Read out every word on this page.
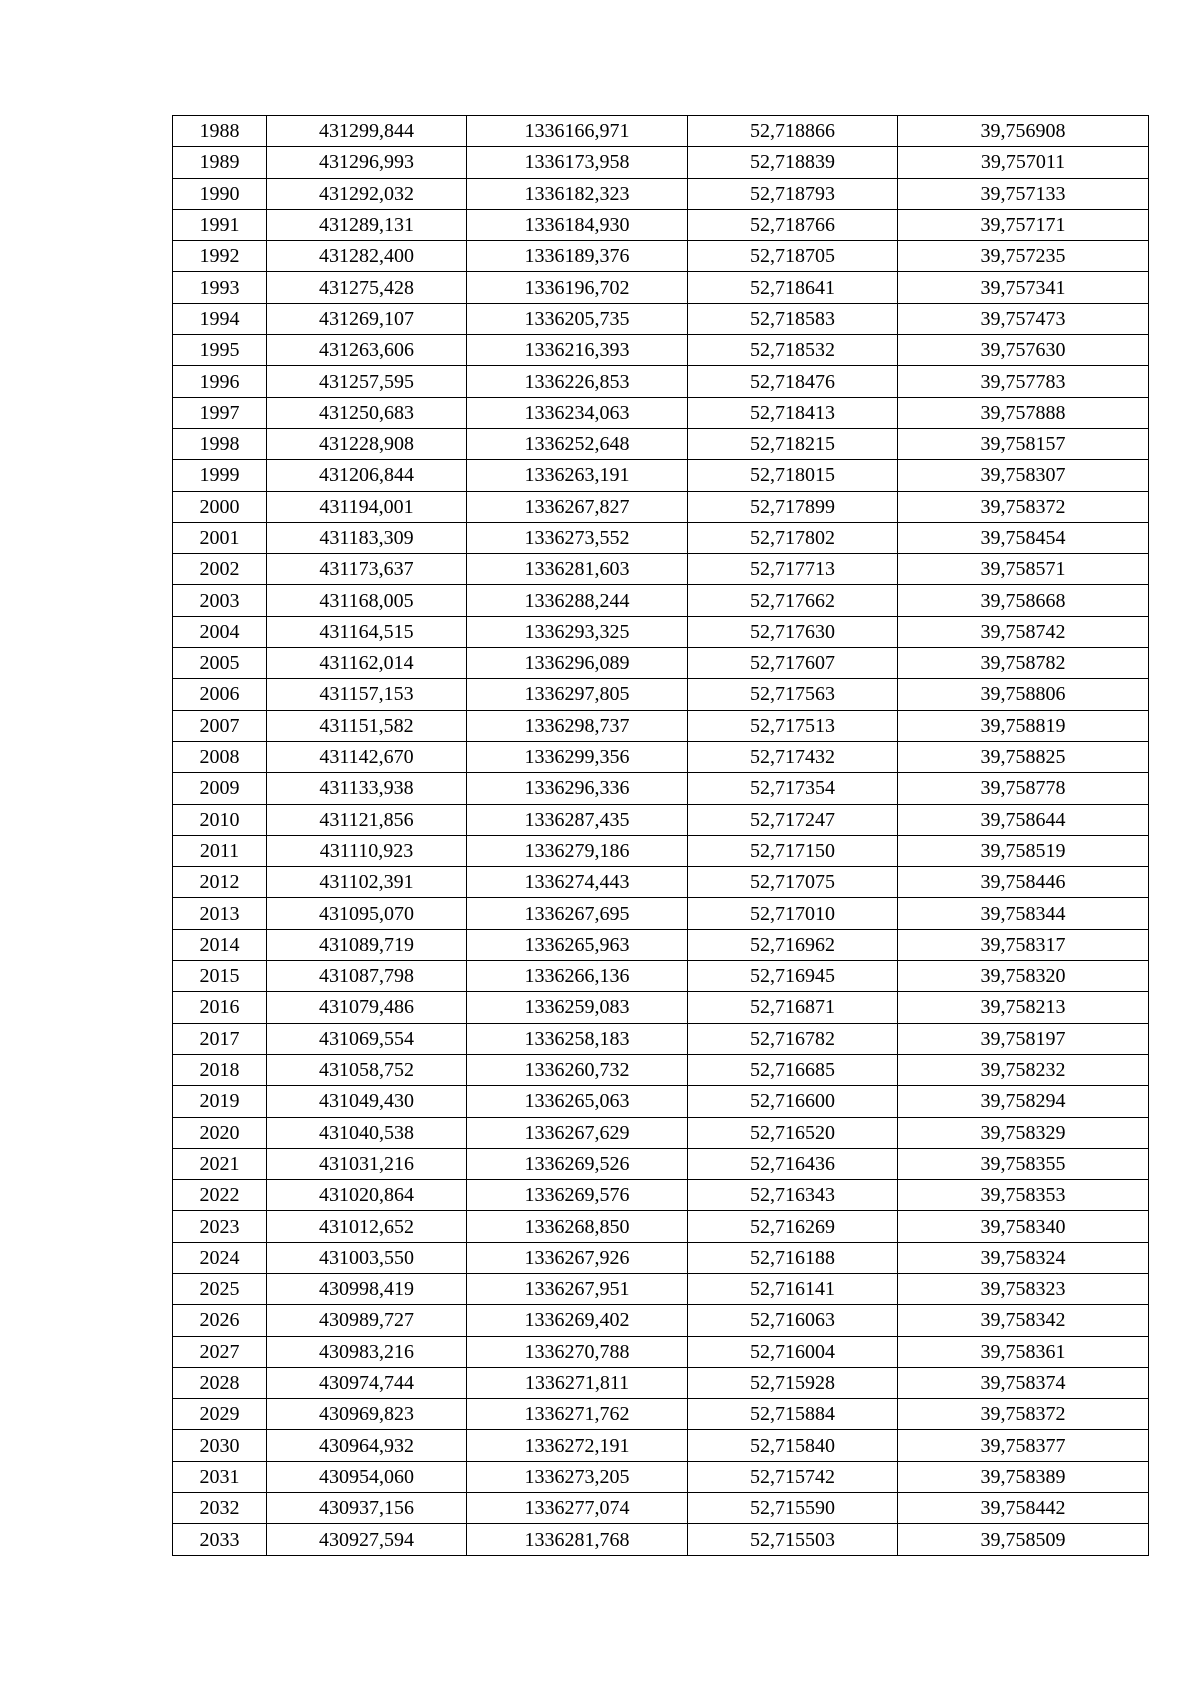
1988	431299,844	1336166,971	52,718866	39,756908
1989	431296,993	1336173,958	52,718839	39,757011
1990	431292,032	1336182,323	52,718793	39,757133
1991	431289,131	1336184,930	52,718766	39,757171
1992	431282,400	1336189,376	52,718705	39,757235
1993	431275,428	1336196,702	52,718641	39,757341
1994	431269,107	1336205,735	52,718583	39,757473
1995	431263,606	1336216,393	52,718532	39,757630
1996	431257,595	1336226,853	52,718476	39,757783
1997	431250,683	1336234,063	52,718413	39,757888
1998	431228,908	1336252,648	52,718215	39,758157
1999	431206,844	1336263,191	52,718015	39,758307
2000	431194,001	1336267,827	52,717899	39,758372
2001	431183,309	1336273,552	52,717802	39,758454
2002	431173,637	1336281,603	52,717713	39,758571
2003	431168,005	1336288,244	52,717662	39,758668
2004	431164,515	1336293,325	52,717630	39,758742
2005	431162,014	1336296,089	52,717607	39,758782
2006	431157,153	1336297,805	52,717563	39,758806
2007	431151,582	1336298,737	52,717513	39,758819
2008	431142,670	1336299,356	52,717432	39,758825
2009	431133,938	1336296,336	52,717354	39,758778
2010	431121,856	1336287,435	52,717247	39,758644
2011	431110,923	1336279,186	52,717150	39,758519
2012	431102,391	1336274,443	52,717075	39,758446
2013	431095,070	1336267,695	52,717010	39,758344
2014	431089,719	1336265,963	52,716962	39,758317
2015	431087,798	1336266,136	52,716945	39,758320
2016	431079,486	1336259,083	52,716871	39,758213
2017	431069,554	1336258,183	52,716782	39,758197
2018	431058,752	1336260,732	52,716685	39,758232
2019	431049,430	1336265,063	52,716600	39,758294
2020	431040,538	1336267,629	52,716520	39,758329
2021	431031,216	1336269,526	52,716436	39,758355
2022	431020,864	1336269,576	52,716343	39,758353
2023	431012,652	1336268,850	52,716269	39,758340
2024	431003,550	1336267,926	52,716188	39,758324
2025	430998,419	1336267,951	52,716141	39,758323
2026	430989,727	1336269,402	52,716063	39,758342
2027	430983,216	1336270,788	52,716004	39,758361
2028	430974,744	1336271,811	52,715928	39,758374
2029	430969,823	1336271,762	52,715884	39,758372
2030	430964,932	1336272,191	52,715840	39,758377
2031	430954,060	1336273,205	52,715742	39,758389
2032	430937,156	1336277,074	52,715590	39,758442
2033	430927,594	1336281,768	52,715503	39,758509
